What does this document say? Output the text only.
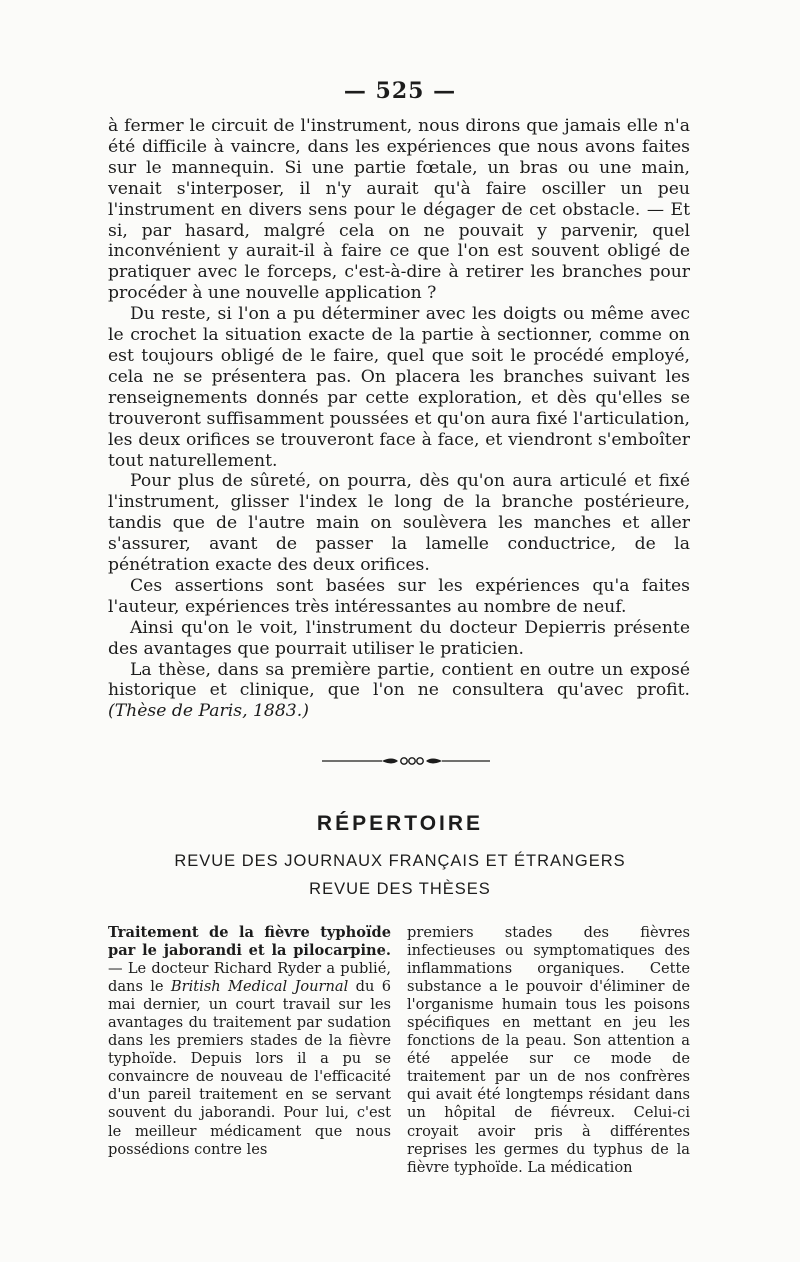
— 525 —

à fermer le circuit de l'instrument, nous dirons que jamais elle n'a été difficile à vaincre, dans les expériences que nous avons faites sur le mannequin. Si une partie fœtale, un bras ou une main, venait s'interposer, il n'y aurait qu'à faire osciller un peu l'instrument en divers sens pour le dégager de cet obstacle. — Et si, par hasard, malgré cela on ne pouvait y parvenir, quel inconvénient y aurait-il à faire ce que l'on est souvent obligé de pratiquer avec le forceps, c'est-à-dire à retirer les branches pour procéder à une nouvelle application ?

Du reste, si l'on a pu déterminer avec les doigts ou même avec le crochet la situation exacte de la partie à sectionner, comme on est toujours obligé de le faire, quel que soit le procédé employé, cela ne se présentera pas. On placera les branches suivant les renseignements donnés par cette exploration, et dès qu'elles se trouveront suffisamment poussées et qu'on aura fixé l'articulation, les deux orifices se trouveront face à face, et viendront s'emboîter tout naturellement.

Pour plus de sûreté, on pourra, dès qu'on aura articulé et fixé l'instrument, glisser l'index le long de la branche postérieure, tandis que de l'autre main on soulèvera les manches et aller s'assurer, avant de passer la lamelle conductrice, de la pénétration exacte des deux orifices.

Ces assertions sont basées sur les expériences qu'a faites l'auteur, expériences très intéressantes au nombre de neuf.

Ainsi qu'on le voit, l'instrument du docteur Depierris présente des avantages que pourrait utiliser le praticien.

La thèse, dans sa première partie, contient en outre un exposé historique et clinique, que l'on ne consultera qu'avec profit. (Thèse de Paris, 1883.)

RÉPERTOIRE
REVUE DES JOURNAUX FRANÇAIS ET ÉTRANGERS
REVUE DES THÈSES

Traitement de la fièvre typhoïde par le jaborandi et la pilocarpine. — Le docteur Richard Ryder a publié, dans le British Medical Journal du 6 mai dernier, un court travail sur les avantages du traitement par sudation dans les premiers stades de la fièvre typhoïde. Depuis lors il a pu se convaincre de nouveau de l'efficacité d'un pareil traitement en se servant souvent du jaborandi. Pour lui, c'est le meilleur médicament que nous possédions contre les

premiers stades des fièvres infectieuses ou symptomatiques des inflammations organiques. Cette substance a le pouvoir d'éliminer de l'organisme humain tous les poisons spécifiques en mettant en jeu les fonctions de la peau. Son attention a été appelée sur ce mode de traitement par un de nos confrères qui avait été longtemps résidant dans un hôpital de fiévreux. Celui-ci croyait avoir pris à différentes reprises les germes du typhus de la fièvre typhoïde. La médication
